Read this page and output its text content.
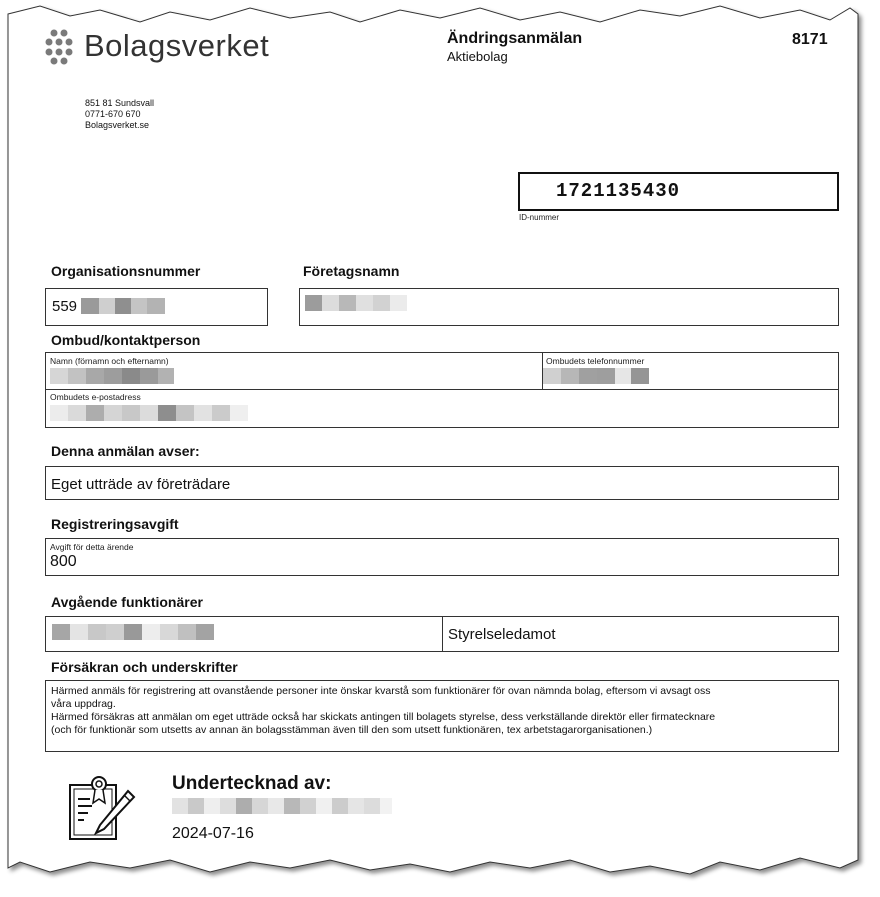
Bolagsverket
851 81 Sundsvall
0771-670 670
Bolagsverket.se
Ändringsanmälan
Aktiebolag
8171
1721135430
ID-nummer
Organisationsnummer	Företagsnamn
559
Ombud/kontaktperson
Namn (förnamn och efternamn)	Ombudets telefonnummer
Ombudets e-postadress
Denna anmälan avser:
Eget utträde av företrädare
Registreringsavgift
Avgift för detta ärende
800
Avgående funktionärer
Styrelseledamot
Försäkran och underskrifter
Härmed anmäls för registrering att ovanstående personer inte önskar kvarstå som funktionärer för ovan nämnda bolag, eftersom vi avsagt oss
våra uppdrag.
Härmed försäkras att anmälan om eget utträde också har skickats antingen till bolagets styrelse, dess verkställande direktör eller firmatecknare
(och för funktionär som utsetts av annan än bolagsstämman även till den som utsett funktionären, tex arbetstagarorganisationen.)
Undertecknad av:
2024-07-16
